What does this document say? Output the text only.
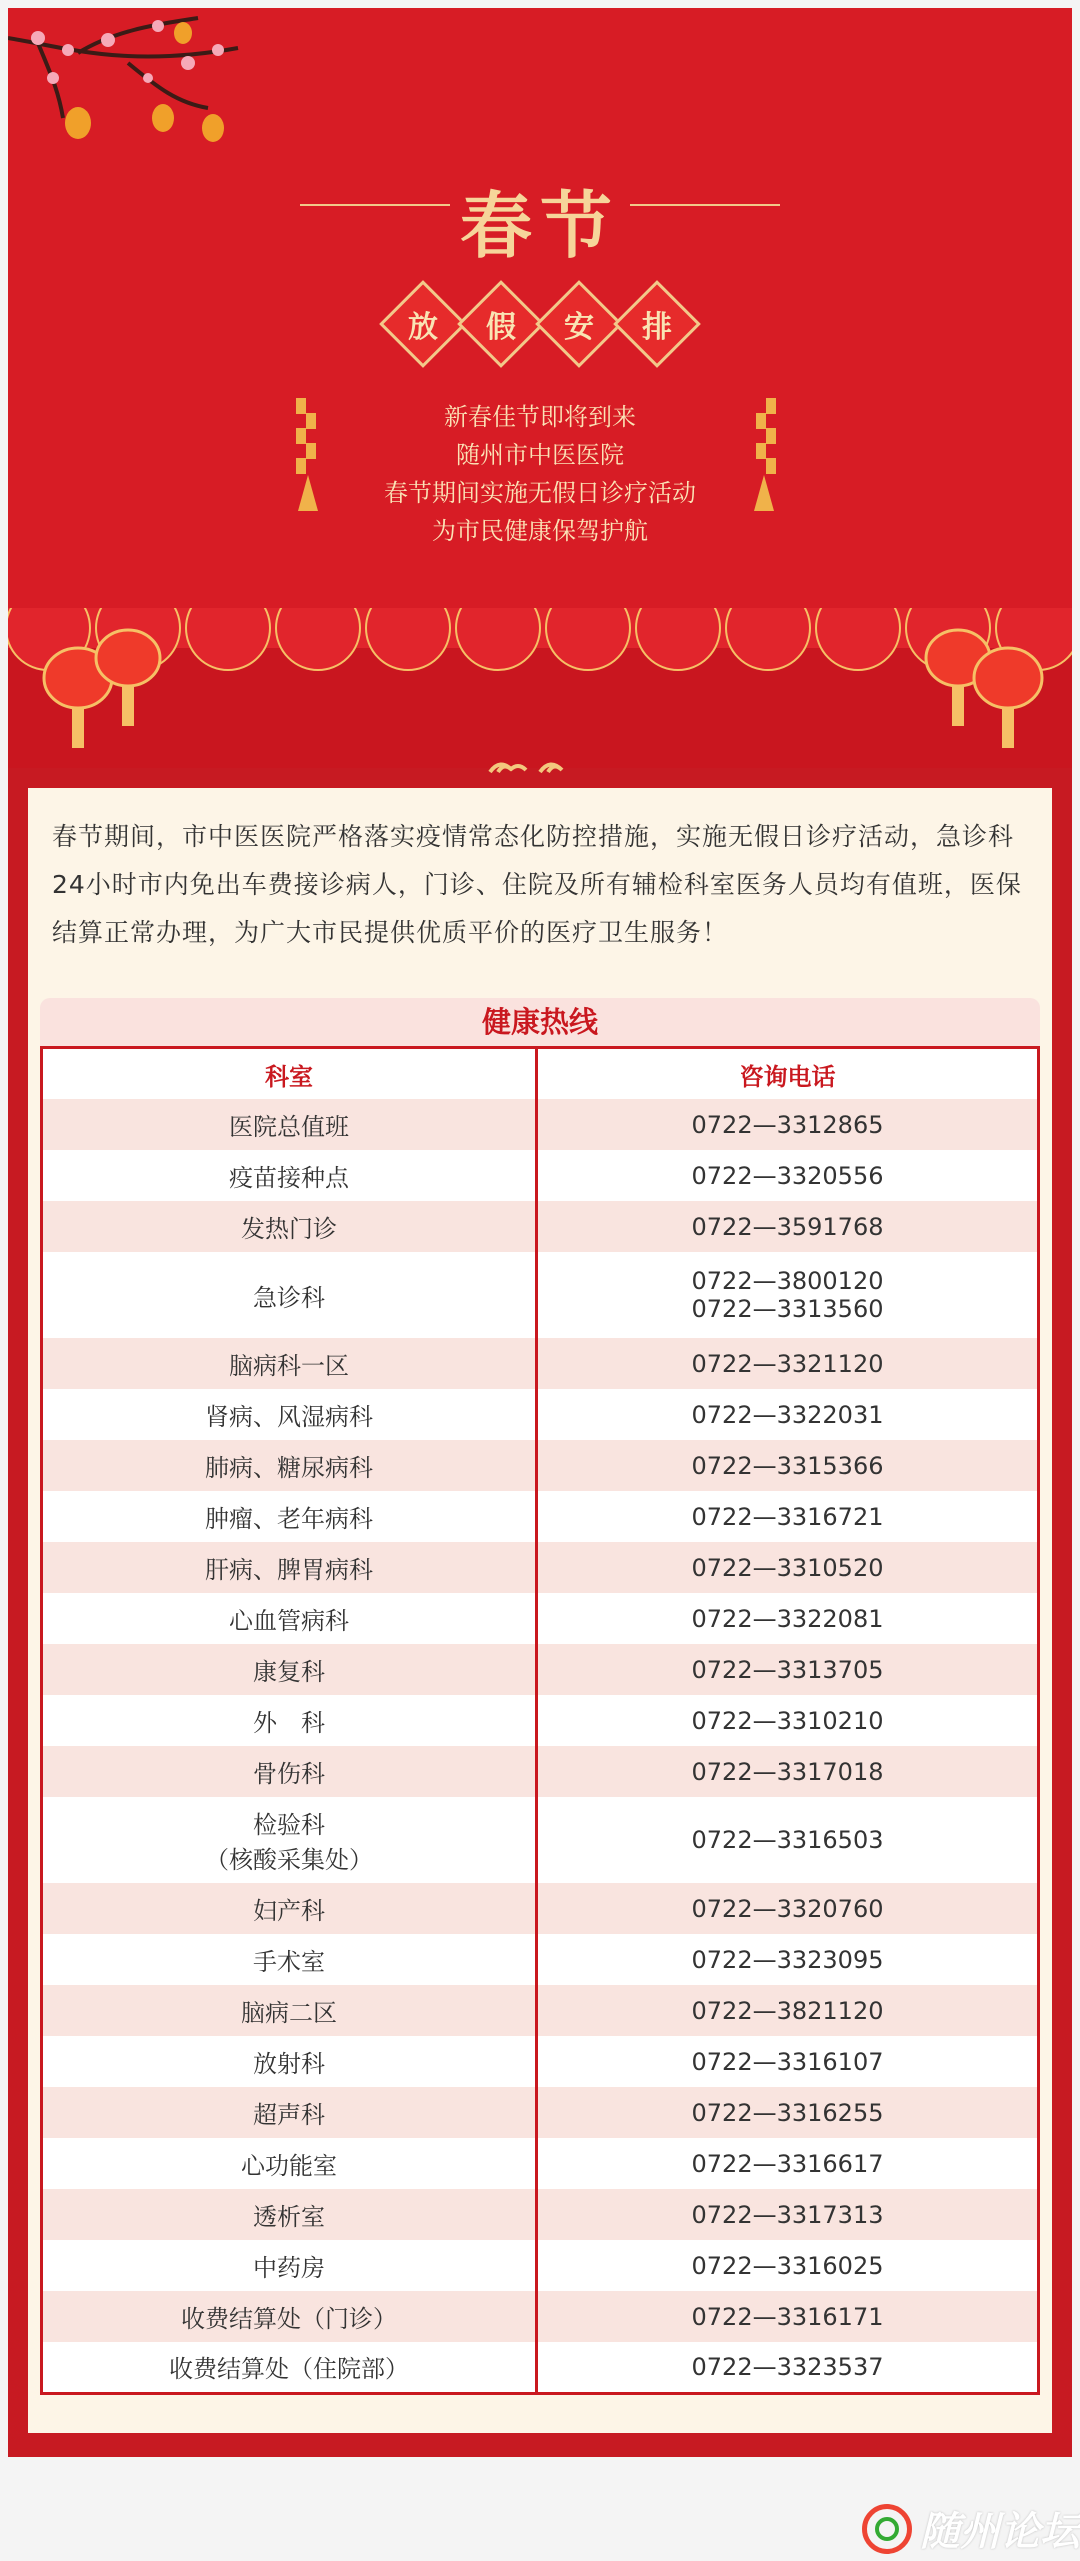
春节
放	假	安	排
新春佳节即将到来
随州市中医医院
春节期间实施无假日诊疗活动
为市民健康保驾护航
春节期间，市中医医院严格落实疫情常态化防控措施，实施无假日诊疗活动，急诊科24小时市内免出车费接诊病人，门诊、住院及所有辅检科室医务人员均有值班，医保结算正常办理，为广大市民提供优质平价的医疗卫生服务！
健康热线
科室	咨询电话
医院总值班	0722—3312865
疫苗接种点	0722—3320556
发热门诊	0722—3591768
急诊科	0722—3800120
0722—3313560

脑病科一区	0722—3321120
肾病、风湿病科	0722—3322031
肺病、糖尿病科	0722—3315366
肿瘤、老年病科	0722—3316721
肝病、脾胃病科	0722—3310520
心血管病科	0722—3322081
康复科	0722—3313705
外　科	0722—3310210
骨伤科	0722—3317018

检验科
（核酸采集处）	0722—3316503
妇产科	0722—3320760
手术室	0722—3323095
脑病二区	0722—3821120
放射科	0722—3316107
超声科	0722—3316255
心功能室	0722—3316617
透析室	0722—3317313
中药房	0722—3316025
收费结算处（门诊）	0722—3316171
收费结算处（住院部）	0722—3323537
随州论坛
